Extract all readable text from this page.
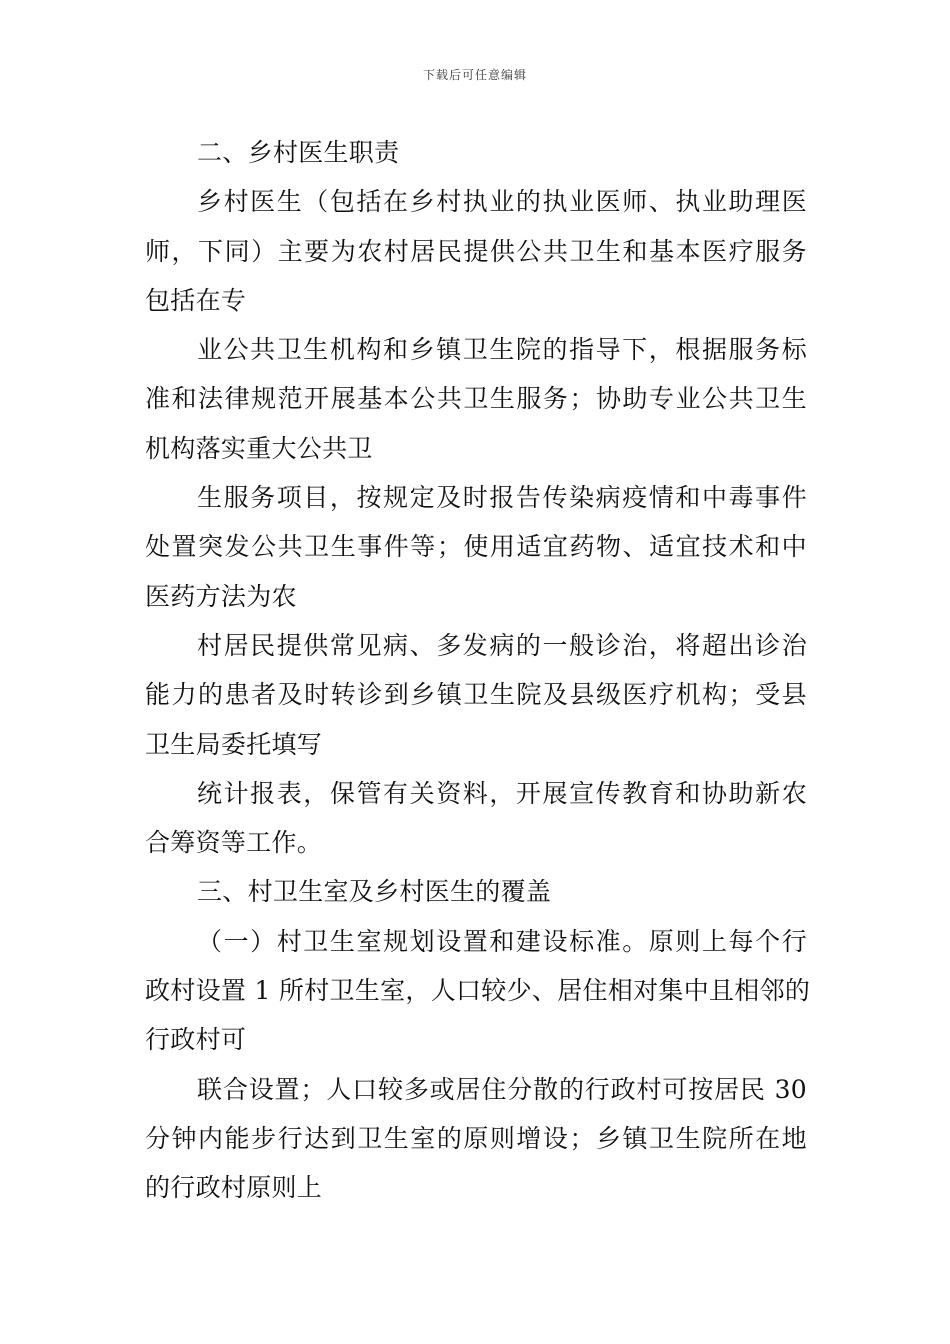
下载后可任意编辑
二、乡村医生职责
乡村医生（包括在乡村执业的执业医师、执业助理医
师，下同）主要为农村居民提供公共卫生和基本医疗服务
包括在专
业公共卫生机构和乡镇卫生院的指导下，根据服务标
准和法律规范开展基本公共卫生服务；协助专业公共卫生
机构落实重大公共卫
生服务项目，按规定及时报告传染病疫情和中毒事件
处置突发公共卫生事件等；使用适宜药物、适宜技术和中
医药方法为农
村居民提供常见病、多发病的一般诊治，将超出诊治
能力的患者及时转诊到乡镇卫生院及县级医疗机构；受县
卫生局委托填写
统计报表，保管有关资料，开展宣传教育和协助新农
合筹资等工作。
三、村卫生室及乡村医生的覆盖
（一）村卫生室规划设置和建设标准。原则上每个行
政村设置 1 所村卫生室，人口较少、居住相对集中且相邻的
行政村可
联合设置；人口较多或居住分散的行政村可按居民 30
分钟内能步行达到卫生室的原则增设；乡镇卫生院所在地
的行政村原则上
